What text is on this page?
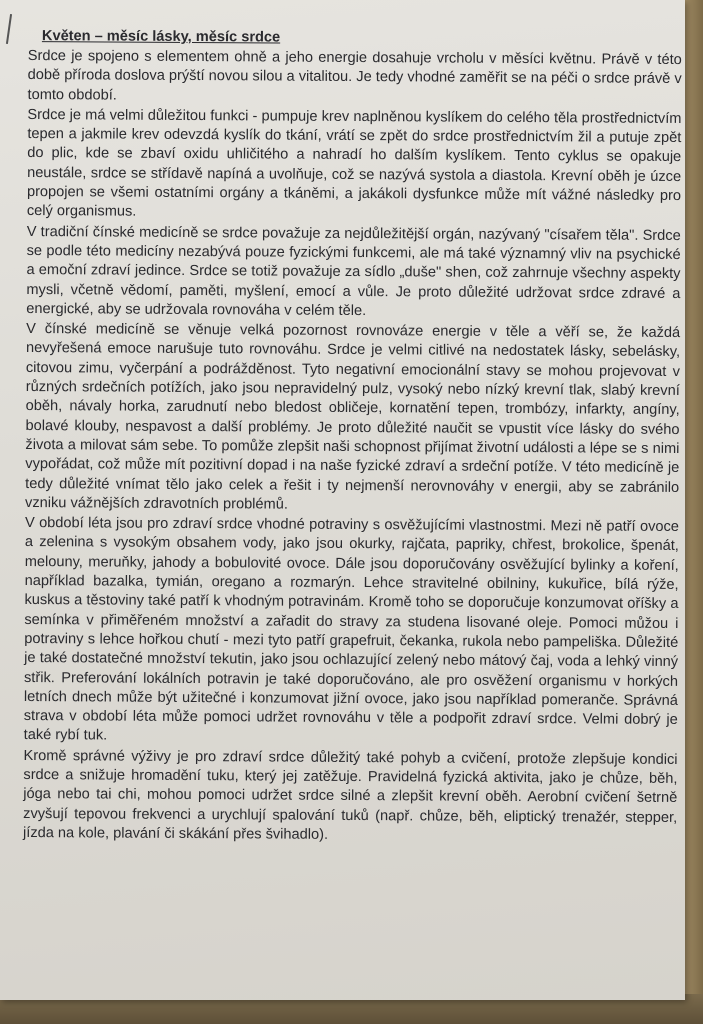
Květen – měsíc lásky, měsíc srdce

Srdce je spojeno s elementem ohně a jeho energie dosahuje vrcholu v měsíci květnu. Právě v této době příroda doslova prýští novou silou a vitalitou. Je tedy vhodné zaměřit se na péči o srdce právě v tomto období.

Srdce je má velmi důležitou funkci - pumpuje krev naplněnou kyslíkem do celého těla prostřednictvím tepen a jakmile krev odevzdá kyslík do tkání, vrátí se zpět do srdce prostřednictvím žil a putuje zpět do plic, kde se zbaví oxidu uhličitého a nahradí ho dalším kyslíkem. Tento cyklus se opakuje neustále, srdce se střídavě napíná a uvolňuje, což se nazývá systola a diastola. Krevní oběh je úzce propojen se všemi ostatními orgány a tkáněmi, a jakákoli dysfunkce může mít vážné následky pro celý organismus.

V tradiční čínské medicíně se srdce považuje za nejdůležitější orgán, nazývaný "císařem těla". Srdce se podle této medicíny nezabývá pouze fyzickými funkcemi, ale má také významný vliv na psychické a emoční zdraví jedince. Srdce se totiž považuje za sídlo „duše" shen, což zahrnuje všechny aspekty mysli, včetně vědomí, paměti, myšlení, emocí a vůle. Je proto důležité udržovat srdce zdravé a energické, aby se udržovala rovnováha v celém těle.

V čínské medicíně se věnuje velká pozornost rovnováze energie v těle a věří se, že každá nevyřešená emoce narušuje tuto rovnováhu. Srdce je velmi citlivé na nedostatek lásky, sebelásky, citovou zimu, vyčerpání a podrážděnost. Tyto negativní emocionální stavy se mohou projevovat v různých srdečních potížích, jako jsou nepravidelný pulz, vysoký nebo nízký krevní tlak, slabý krevní oběh, návaly horka, zarudnutí nebo bledost obličeje, kornatění tepen, trombózy, infarkty, angíny, bolavé klouby, nespavost a další problémy. Je proto důležité naučit se vpustit více lásky do svého života a milovat sám sebe. To pomůže zlepšit naši schopnost přijímat životní události a lépe se s nimi vypořádat, což může mít pozitivní dopad i na naše fyzické zdraví a srdeční potíže. V této medicíně je tedy důležité vnímat tělo jako celek a řešit i ty nejmenší nerovnováhy v energii, aby se zabránilo vzniku vážnějších zdravotních problémů.

V období léta jsou pro zdraví srdce vhodné potraviny s osvěžujícími vlastnostmi. Mezi ně patří ovoce a zelenina s vysokým obsahem vody, jako jsou okurky, rajčata, papriky, chřest, brokolice, špenát, melouny, meruňky, jahody a bobulovité ovoce. Dále jsou doporučovány osvěžující bylinky a koření, například bazalka, tymián, oregano a rozmarýn. Lehce stravitelné obilniny, kukuřice, bílá rýže, kuskus a těstoviny také patří k vhodným potravinám. Kromě toho se doporučuje konzumovat oříšky a semínka v přiměřeném množství a zařadit do stravy za studena lisované oleje. Pomoci můžou i potraviny s lehce hořkou chutí - mezi tyto patří grapefruit, čekanka, rukola nebo pampeliška. Důležité je také dostatečné množství tekutin, jako jsou ochlazující zelený nebo mátový čaj, voda a lehký vinný střik. Preferování lokálních potravin je také doporučováno, ale pro osvěžení organismu v horkých letních dnech může být užitečné i konzumovat jižní ovoce, jako jsou například pomeranče. Správná strava v období léta může pomoci udržet rovnováhu v těle a podpořit zdraví srdce. Velmi dobrý je také rybí tuk.

Kromě správné výživy je pro zdraví srdce důležitý také pohyb a cvičení, protože zlepšuje kondici srdce a snižuje hromadění tuku, který jej zatěžuje. Pravidelná fyzická aktivita, jako je chůze, běh, jóga nebo tai chi, mohou pomoci udržet srdce silné a zlepšit krevní oběh. Aerobní cvičení šetrně zvyšují tepovou frekvenci a urychlují spalování tuků (např. chůze, běh, eliptický trenažér, stepper, jízda na kole, plavání či skákání přes švihadlo).
